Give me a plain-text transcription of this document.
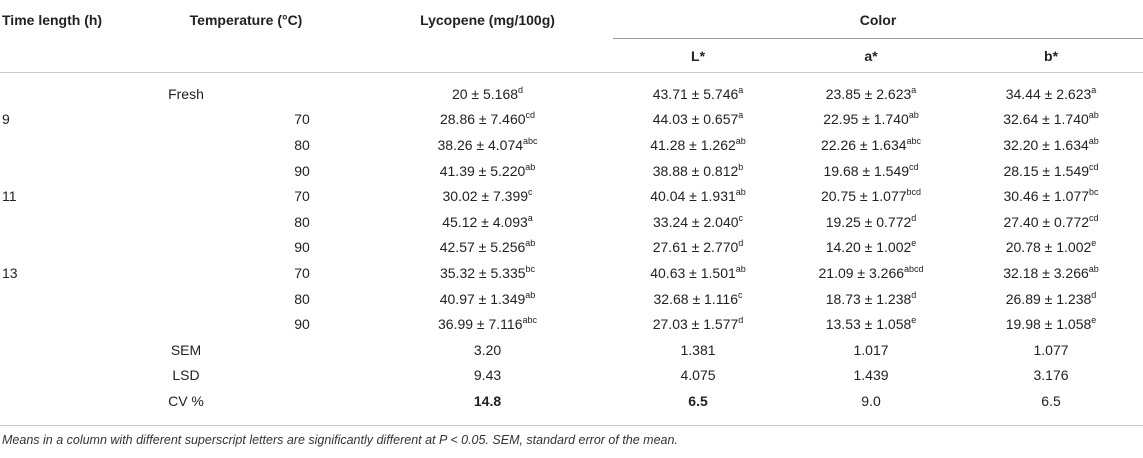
Time length (h)	Temperature (°C)		Lycopene (mg/100g)	Color		
				L*	a*	b*

	Fresh		20 ± 5.168$^d$	43.71 ± 5.746$^a$	23.85 ± 2.623$^a$	34.44 ± 2.623$^a$
9		70	28.86 ± 7.460$^{cd}$	44.03 ± 0.657$^a$	22.95 ± 1.740$^{ab}$	32.64 ± 1.740$^{ab}$
		80	38.26 ± 4.074$^{abc}$	41.28 ± 1.262$^{ab}$	22.26 ± 1.634$^{abc}$	32.20 ± 1.634$^{ab}$
		90	41.39 ± 5.220$^{ab}$	38.88 ± 0.812$^b$	19.68 ± 1.549$^{cd}$	28.15 ± 1.549$^{cd}$
11		70	30.02 ± 7.399$^c$	40.04 ± 1.931$^{ab}$	20.75 ± 1.077$^{bcd}$	30.46 ± 1.077$^{bc}$
		80	45.12 ± 4.093$^a$	33.24 ± 2.040$^c$	19.25 ± 0.772$^d$	27.40 ± 0.772$^{cd}$
		90	42.57 ± 5.256$^{ab}$	27.61 ± 2.770$^d$	14.20 ± 1.002$^e$	20.78 ± 1.002$^e$
13		70	35.32 ± 5.335$^{bc}$	40.63 ± 1.501$^{ab}$	$21.09 \pm 3.266^{abcd}$	32.18 ± 3.266$^{ab}$
		80	40.97 ± 1.349$^{ab}$	32.68 ± 1.116$^c$	18.73 ± 1.238$^d$	26.89 ± 1.238$^d$
		90	36.99 ± 7.116$^{abc}$	27.03 ± 1.577$^d$	13.53 ± 1.058$^e$	19.98 ± 1.058$^e$
	SEM		3.20	1.381	1.017	1.077
	LSD		9.43	4.075	1.439	3.176
	CV %		14.8	6.5	9.0	6.5
Means in a column with different superscript letters are significantly different at P < 0.05. SEM, standard error of the mean.
